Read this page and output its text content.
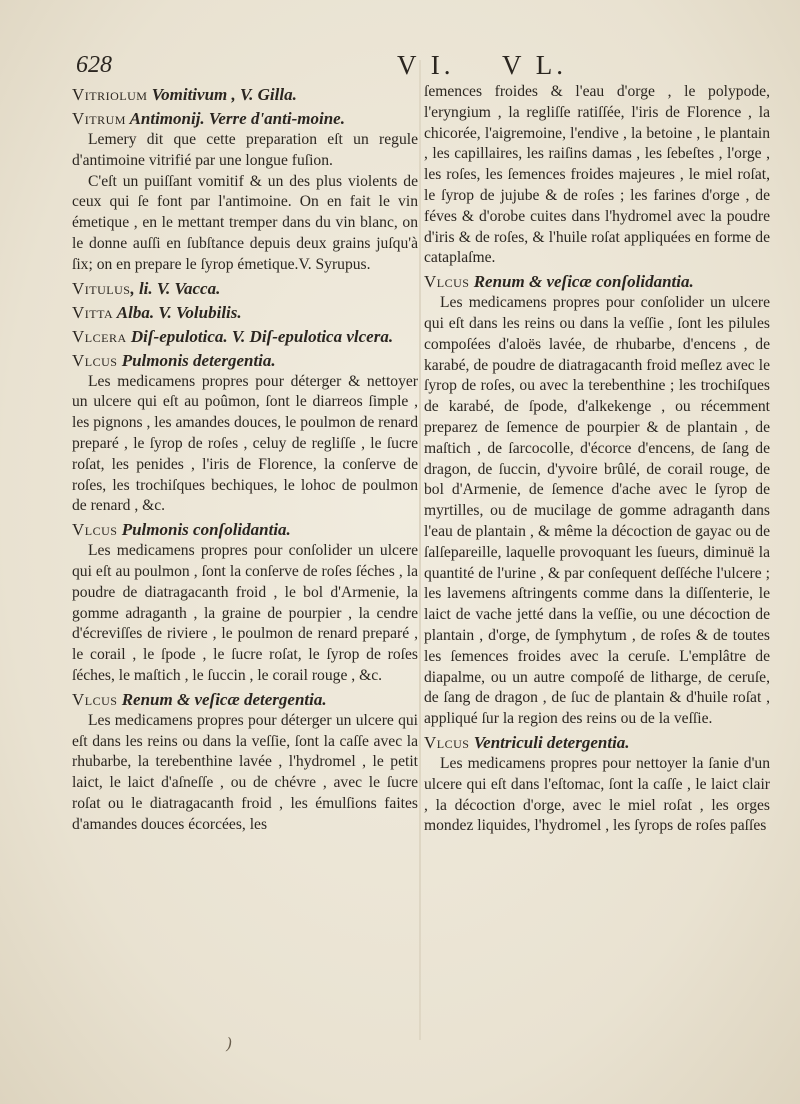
628	V I. V L.
Vitriolum Vomitivum , V. Gilla.
Vitrum Antimonij. Verre d'anti-moine.

Lemery dit que cette preparation eſt un regule d'antimoine vitrifié par une longue fuſion.

C'eſt un puiſſant vomitif & un des plus violents de ceux qui ſe font par l'antimoine. On en fait le vin émetique , en le mettant tremper dans du vin blanc, on le donne auſſi en ſubſtance depuis deux grains juſqu'à ſix; on en prepare le ſyrop émetique.V. Syrupus.

Vitulus, li. V. Vacca.
Vitta Alba. V. Volubilis.
Vlcera Diſ-epulotica. V. Diſ-epulotica vlcera.
Vlcus Pulmonis detergentia.

Les medicamens propres pour déterger & nettoyer un ulcere qui eſt au poûmon, ſont le diarreos ſimple , les pignons , les amandes douces, le poulmon de renard preparé , le ſyrop de roſes , celuy de regliſſe , le ſucre roſat, les penides , l'iris de Florence, la conſerve de roſes, les trochiſques bechiques, le lohoc de poulmon de renard , &c.

Vlcus Pulmonis conſolidantia.

Les medicamens propres pour conſolider un ulcere qui eſt au poulmon , ſont la conſerve de roſes ſéches , la poudre de diatragacanth froid , le bol d'Armenie, la gomme adraganth , la graine de pourpier , la cendre d'écreviſſes de riviere , le poulmon de renard preparé , le corail , le ſpode , le ſucre roſat, le ſyrop de roſes ſéches, le maſtich , le ſuccin , le corail rouge , &c.

Vlcus Renum & veſicæ detergentia.

Les medicamens propres pour déterger un ulcere qui eſt dans les reins ou dans la veſſie, ſont la caſſe avec la rhubarbe, la terebenthine lavée , l'hydromel , le petit laict, le laict d'aſneſſe , ou de chévre , avec le ſucre roſat ou le diatragacanth froid , les émulſions faites d'amandes douces écorcées, les

ſemences froides & l'eau d'orge , le polypode, l'eryngium , la regliſſe ratiſſée, l'iris de Florence , la chicorée, l'aigremoine, l'endive , la betoine , le plantain , les capillaires, les raiſins damas , les ſebeſtes , l'orge , les roſes, les ſemences froides majeures , le miel roſat, le ſyrop de jujube & de roſes ; les farines d'orge , de féves & d'orobe cuites dans l'hydromel avec la poudre d'iris & de roſes, & l'huile roſat appliquées en forme de cataplaſme.

Vlcus Renum & veſicæ conſolidantia.

Les medicamens propres pour conſolider un ulcere qui eſt dans les reins ou dans la veſſie , ſont les pilules compoſées d'aloës lavée, de rhubarbe, d'encens , de karabé, de poudre de diatragacanth froid meſlez avec le ſyrop de roſes, ou avec la terebenthine ; les trochiſques de karabé, de ſpode, d'alkekenge , ou récemment preparez de ſemence de pourpier & de plantain , de maſtich , de ſarcocolle, d'écorce d'encens, de ſang de dragon, de ſuccin, d'yvoire brûlé, de corail rouge, de bol d'Armenie, de ſemence d'ache avec le ſyrop de myrtilles, ou de mucilage de gomme adraganth dans l'eau de plantain , & même la décoction de gayac ou de ſalſepareille, laquelle provoquant les ſueurs, diminuë la quantité de l'urine , & par conſequent deſſéche l'ulcere ; les lavemens aſtringents comme dans la diſſenterie, le laict de vache jetté dans la veſſie, ou une décoction de plantain , d'orge, de ſymphytum , de roſes & de toutes les ſemences froides avec la ceruſe. L'emplâtre de diapalme, ou un autre compoſé de litharge, de ceruſe, de ſang de dragon , de ſuc de plantain & d'huile roſat , appliqué ſur la region des reins ou de la veſſie.

Vlcus Ventriculi detergentia.

Les medicamens propres pour nettoyer la ſanie d'un ulcere qui eſt dans l'eſtomac, ſont la caſſe , le laict clair , la décoction d'orge, avec le miel roſat , les orges mondez liquides, l'hydromel , les ſyrops de roſes paſſes

)
